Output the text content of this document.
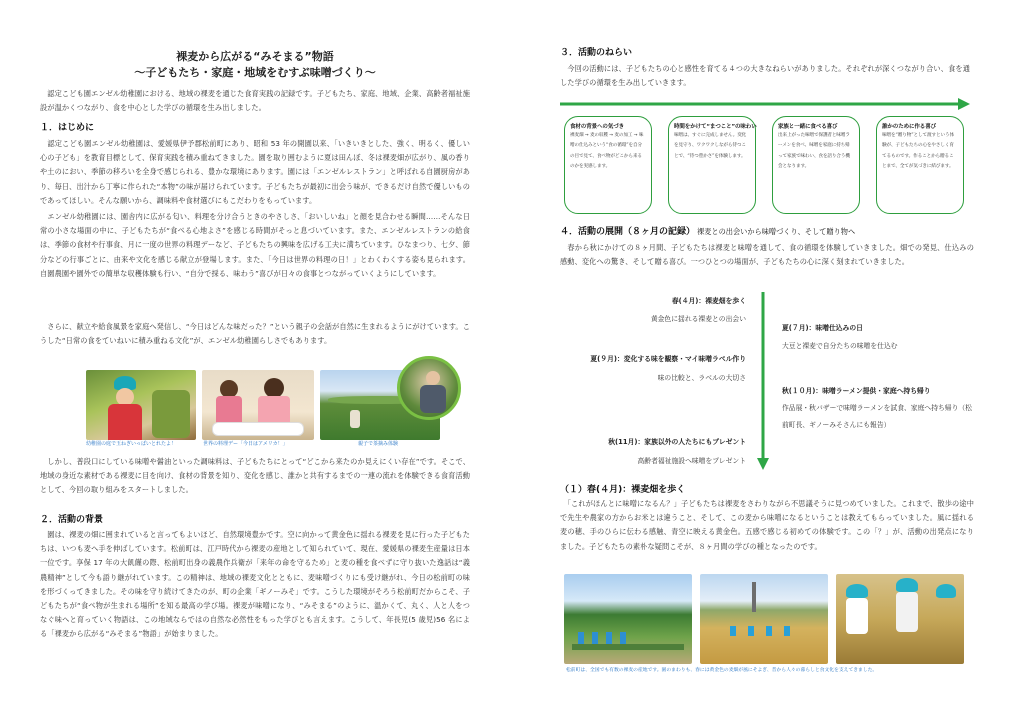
裸麦から広がる“みそまる”物語
～子どもたち・家庭・地域をむすぶ味噌づくり～
　認定こども園エンゼル幼稚園における、地域の裸麦を通じた食育実践の記録です。子どもたち、家庭、地域、企業、高齢者福祉施設が温かくつながり、食を中心とした学びの循環を生み出しました。
１．はじめに
　認定こども園エンゼル幼稚園は、愛媛県伊予郡松前町にあり、昭和 53 年の開園以来、「いきいきとした、強く、明るく、優しい心の子ども」を教育目標として、保育実践を積み重ねてきました。園を取り囲むように夏は田んぼ、冬は裸麦畑が広がり、風の香りや土のにおい、季節の移ろいを全身で感じられる、豊かな環境にあります。園には「エンゼルレストラン」と呼ばれる自園厨房があり、毎日、出汁から丁寧に作られた“本物”の味が届けられています。子どもたちが最初に出会う味が、できるだけ自然で優しいものであってほしい。そんな願いから、調味料や食材選びにもこだわりをもっています。
　エンゼル幼稚園には、園舎内に広がる匂い、料理を分け合うときのやさしさ、「おいしいね」と顔を見合わせる瞬間……そんな日常の小さな場面の中に、子どもたちが“食べる心地よさ”を感じる時間がそっと息づいています。また、エンゼルレストランの給食は、季節の食材や行事食、月に一度の世界の料理デーなど、子どもたちの興味を広げる工夫に満ちています。ひなまつり、七夕、節分などの行事ごとに、由来や文化を感じる献立が登場します。また、「今日は世界の料理の日！」とわくわくする姿も見られます。自園農園や園外での簡単な収穫体験も行い、“自分で採る、味わう”喜びが日々の食事とつながっていくようにしています。
　さらに、献立や給食風景を家庭へ発信し、“今日はどんな味だった？”という親子の会話が自然に生まれるようにがけています。こうした“日常の食をていねいに積み重ねる文化”が、エンゼル幼稚園らしさでもあります。
幼稚園の庭で玉ねぎいっぱいとれたよ！	世界の料理デー「今日はアメリカ！」	親子で茶摘み体験
　しかし、普段口にしている味噌や醤油といった調味料は、子どもたちにとって“どこから来たのか見えにくい存在”です。そこで、地域の身近な素材である裸麦に目を向け、食材の背景を知り、変化を感じ、誰かと共有するまでの一連の流れを体験できる食育活動として、今回の取り組みをスタートしました。
２．活動の背景
　園は、裸麦の畑に囲まれていると言ってもよいほど、自然環境豊かです。空に向かって黄金色に揺れる裸麦を見に行った子どもたちは、いつも麦へ手を伸ばしています。松前町は、江戸時代から裸麦の産地として知られていて、現在、愛媛県の裸麦生産量は日本一位です。享保 17 年の大飢饉の際、松前町出身の義農作兵衛が「来年の命を守るため」と麦の種を食べずに守り抜いた逸話は“義農精神”として今も語り継がれています。この精神は、地域の裸麦文化とともに、麦味噌づくりにも受け継がれ、今日の松前町の味を形づくってきました。その味を守り続けてきたのが、町の企業「ギノーみそ」です。こうした環境がそろう松前町だからこそ、子どもたちが“食べ物が生まれる場所”を知る最高の学び場。裸麦が味噌になり、“みそまる”のように、温かくて、丸く、人と人をつなぐ味へと育っていく物語は、この地域ならではの自然な必然性をもった学びとも言えます。こうして、年長児(5 歳児)56 名による「裸麦から広がる“みそまる”物語」が始まりました。
３．活動のねらい
　今回の活動には、子どもたちの心と感性を育てる４つの大きなねらいがありました。それぞれが深くつながり合い、食を通した学びの循環を生み出していきます。
食材の背景への気づき
裸麦畑 → 麦の収穫 → 麦の加工 → 味噌の仕込みという“食の循環”を自分の目で見て、食べ物がどこから来るのかを実感します。
時間をかけて“まつこと”の味わい
味噌は、すぐに完成しません。変化を見守り、ワクワクしながら待つことで、“待つ豊かさ”を体験します。
家族と一緒に食べる喜び
出来上がった味噌で保護者と味噌ラーメンを食べ、味噌を家庭に持ち帰って家族で味わい、食を語り合う機会となります。
誰かのために作る喜び
味噌を“贈り物”として渡すという体験が、子どもたちの心をやさしく育てるものです。作ることから贈ることまで、全てが気づきに結びます。
４．活動の展開（８ヶ月の記録） 裸麦との出会いから味噌づくり、そして贈り物へ
　春から秋にかけての８ヶ月間、子どもたちは裸麦と味噌を通して、食の循環を体験していきました。畑での発見、仕込みの感動、変化への驚き、そして贈る喜び。一つひとつの場面が、子どもたちの心に深く刻まれていきました。
春(４月)：裸麦畑を歩く
黄金色に揺れる裸麦との出会い
夏(７月)：味噌仕込みの日
大豆と裸麦で自分たちの味噌を仕込む
夏(９月)：変化する味を観察・マイ味噌ラベル作り
味の比較と、ラベルの大切さ
秋(１０月)：味噌ラーメン提供・家庭へ持ち帰り
作品展・秋バザーで味噌ラーメンを試食、家庭へ持ち帰り（松前町長、ギノーみそさんにも報告）
秋(11月)：家族以外の人たちにもプレゼント
高齢者福祉施設へ味噌をプレゼント
（１）春(４月)：裸麦畑を歩く
　「これがほんとに味噌になるん？」子どもたちは裸麦をさわりながら不思議そうに見つめていました。これまで、散歩の途中で先生や農家の方からお米とは違うこと、そして、この麦から味噌になるということは教えてもらっていました。風に揺れる麦の穂、手のひらに伝わる感触、青空に映える黄金色。五感で感じる初めての体験です。この「？」が、活動の出発点になりました。子どもたちの素朴な疑問こそが、８ヶ月間の学びの種となったのです。
松前町は、全国でも有数の裸麦の産地です。園のまわりも、春には黄金色の麦畑が風にそよぎ、昔から人々の暮らしと食文化を支えてきました。
